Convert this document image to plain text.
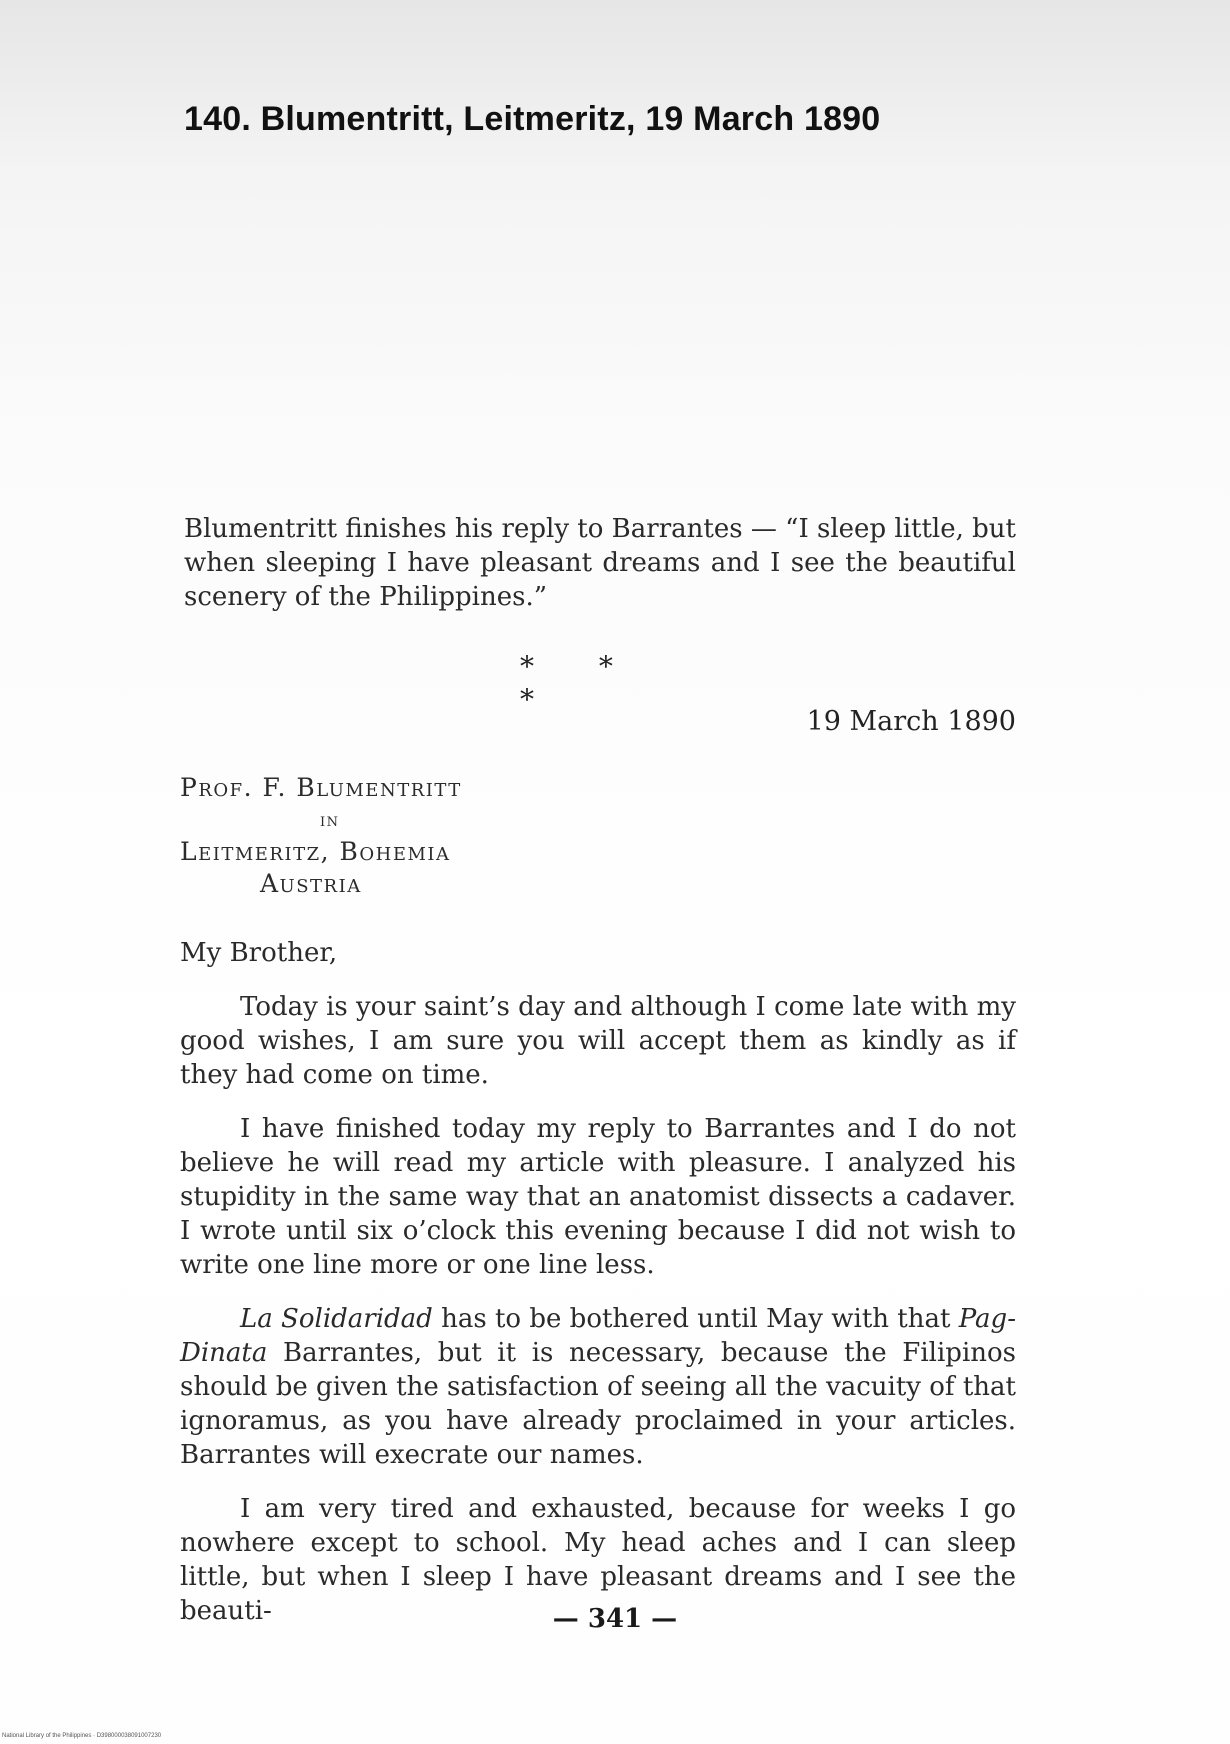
140. Blumentritt, Leitmeritz, 19 March 1890
Blumentritt finishes his reply to Barrantes — “I sleep little, but when sleeping I have pleasant dreams and I see the beautiful scenery of the Philippines.”
* * *
19 March 1890
Prof. F. Blumentritt
in
Leitmeritz, Bohemia
Austria
My Brother,

Today is your saint’s day and although I come late with my good wishes, I am sure you will accept them as kindly as if they had come on time.

I have finished today my reply to Barrantes and I do not believe he will read my article with pleasure. I analyzed his stupidity in the same way that an anatomist dissects a cadaver. I wrote until six o’clock this evening because I did not wish to write one line more or one line less.

La Solidaridad has to be bothered until May with that Pag-Dinata Barrantes, but it is necessary, because the Filipinos should be given the satisfaction of seeing all the vacuity of that ignoramus, as you have already proclaimed in your articles. Barrantes will execrate our names.

I am very tired and exhausted, because for weeks I go nowhere except to school. My head aches and I can sleep little, but when I sleep I have pleasant dreams and I see the beauti-	— 341 —
National Library of the Philippines · D398000038091007230
